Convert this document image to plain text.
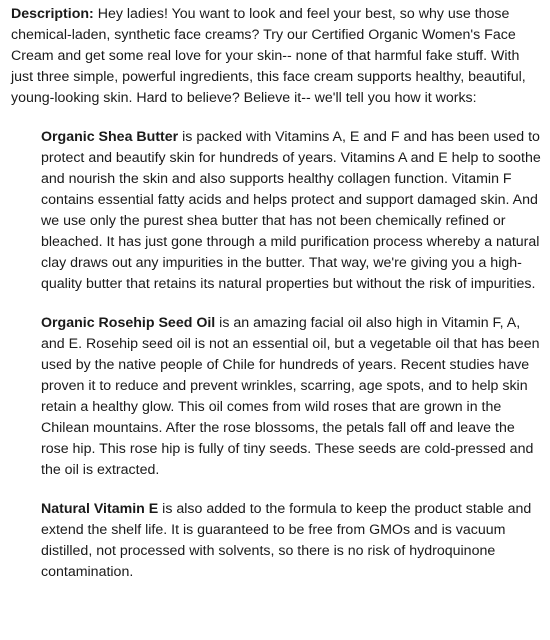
Description: Hey ladies! You want to look and feel your best, so why use those chemical-laden, synthetic face creams? Try our Certified Organic Women's Face Cream and get some real love for your skin-- none of that harmful fake stuff. With just three simple, powerful ingredients, this face cream supports healthy, beautiful, young-looking skin. Hard to believe? Believe it-- we'll tell you how it works:

Organic Shea Butter is packed with Vitamins A, E and F and has been used to protect and beautify skin for hundreds of years. Vitamins A and E help to soothe and nourish the skin and also supports healthy collagen function. Vitamin F contains essential fatty acids and helps protect and support damaged skin. And we use only the purest shea butter that has not been chemically refined or bleached. It has just gone through a mild purification process whereby a natural clay draws out any impurities in the butter. That way, we're giving you a high-quality butter that retains its natural properties but without the risk of impurities.

Organic Rosehip Seed Oil is an amazing facial oil also high in Vitamin F, A, and E. Rosehip seed oil is not an essential oil, but a vegetable oil that has been used by the native people of Chile for hundreds of years. Recent studies have proven it to reduce and prevent wrinkles, scarring, age spots, and to help skin retain a healthy glow. This oil comes from wild roses that are grown in the Chilean mountains. After the rose blossoms, the petals fall off and leave the rose hip. This rose hip is fully of tiny seeds. These seeds are cold-pressed and the oil is extracted.

Natural Vitamin E is also added to the formula to keep the product stable and extend the shelf life. It is guaranteed to be free from GMOs and is vacuum distilled, not processed with solvents, so there is no risk of hydroquinone contamination.
